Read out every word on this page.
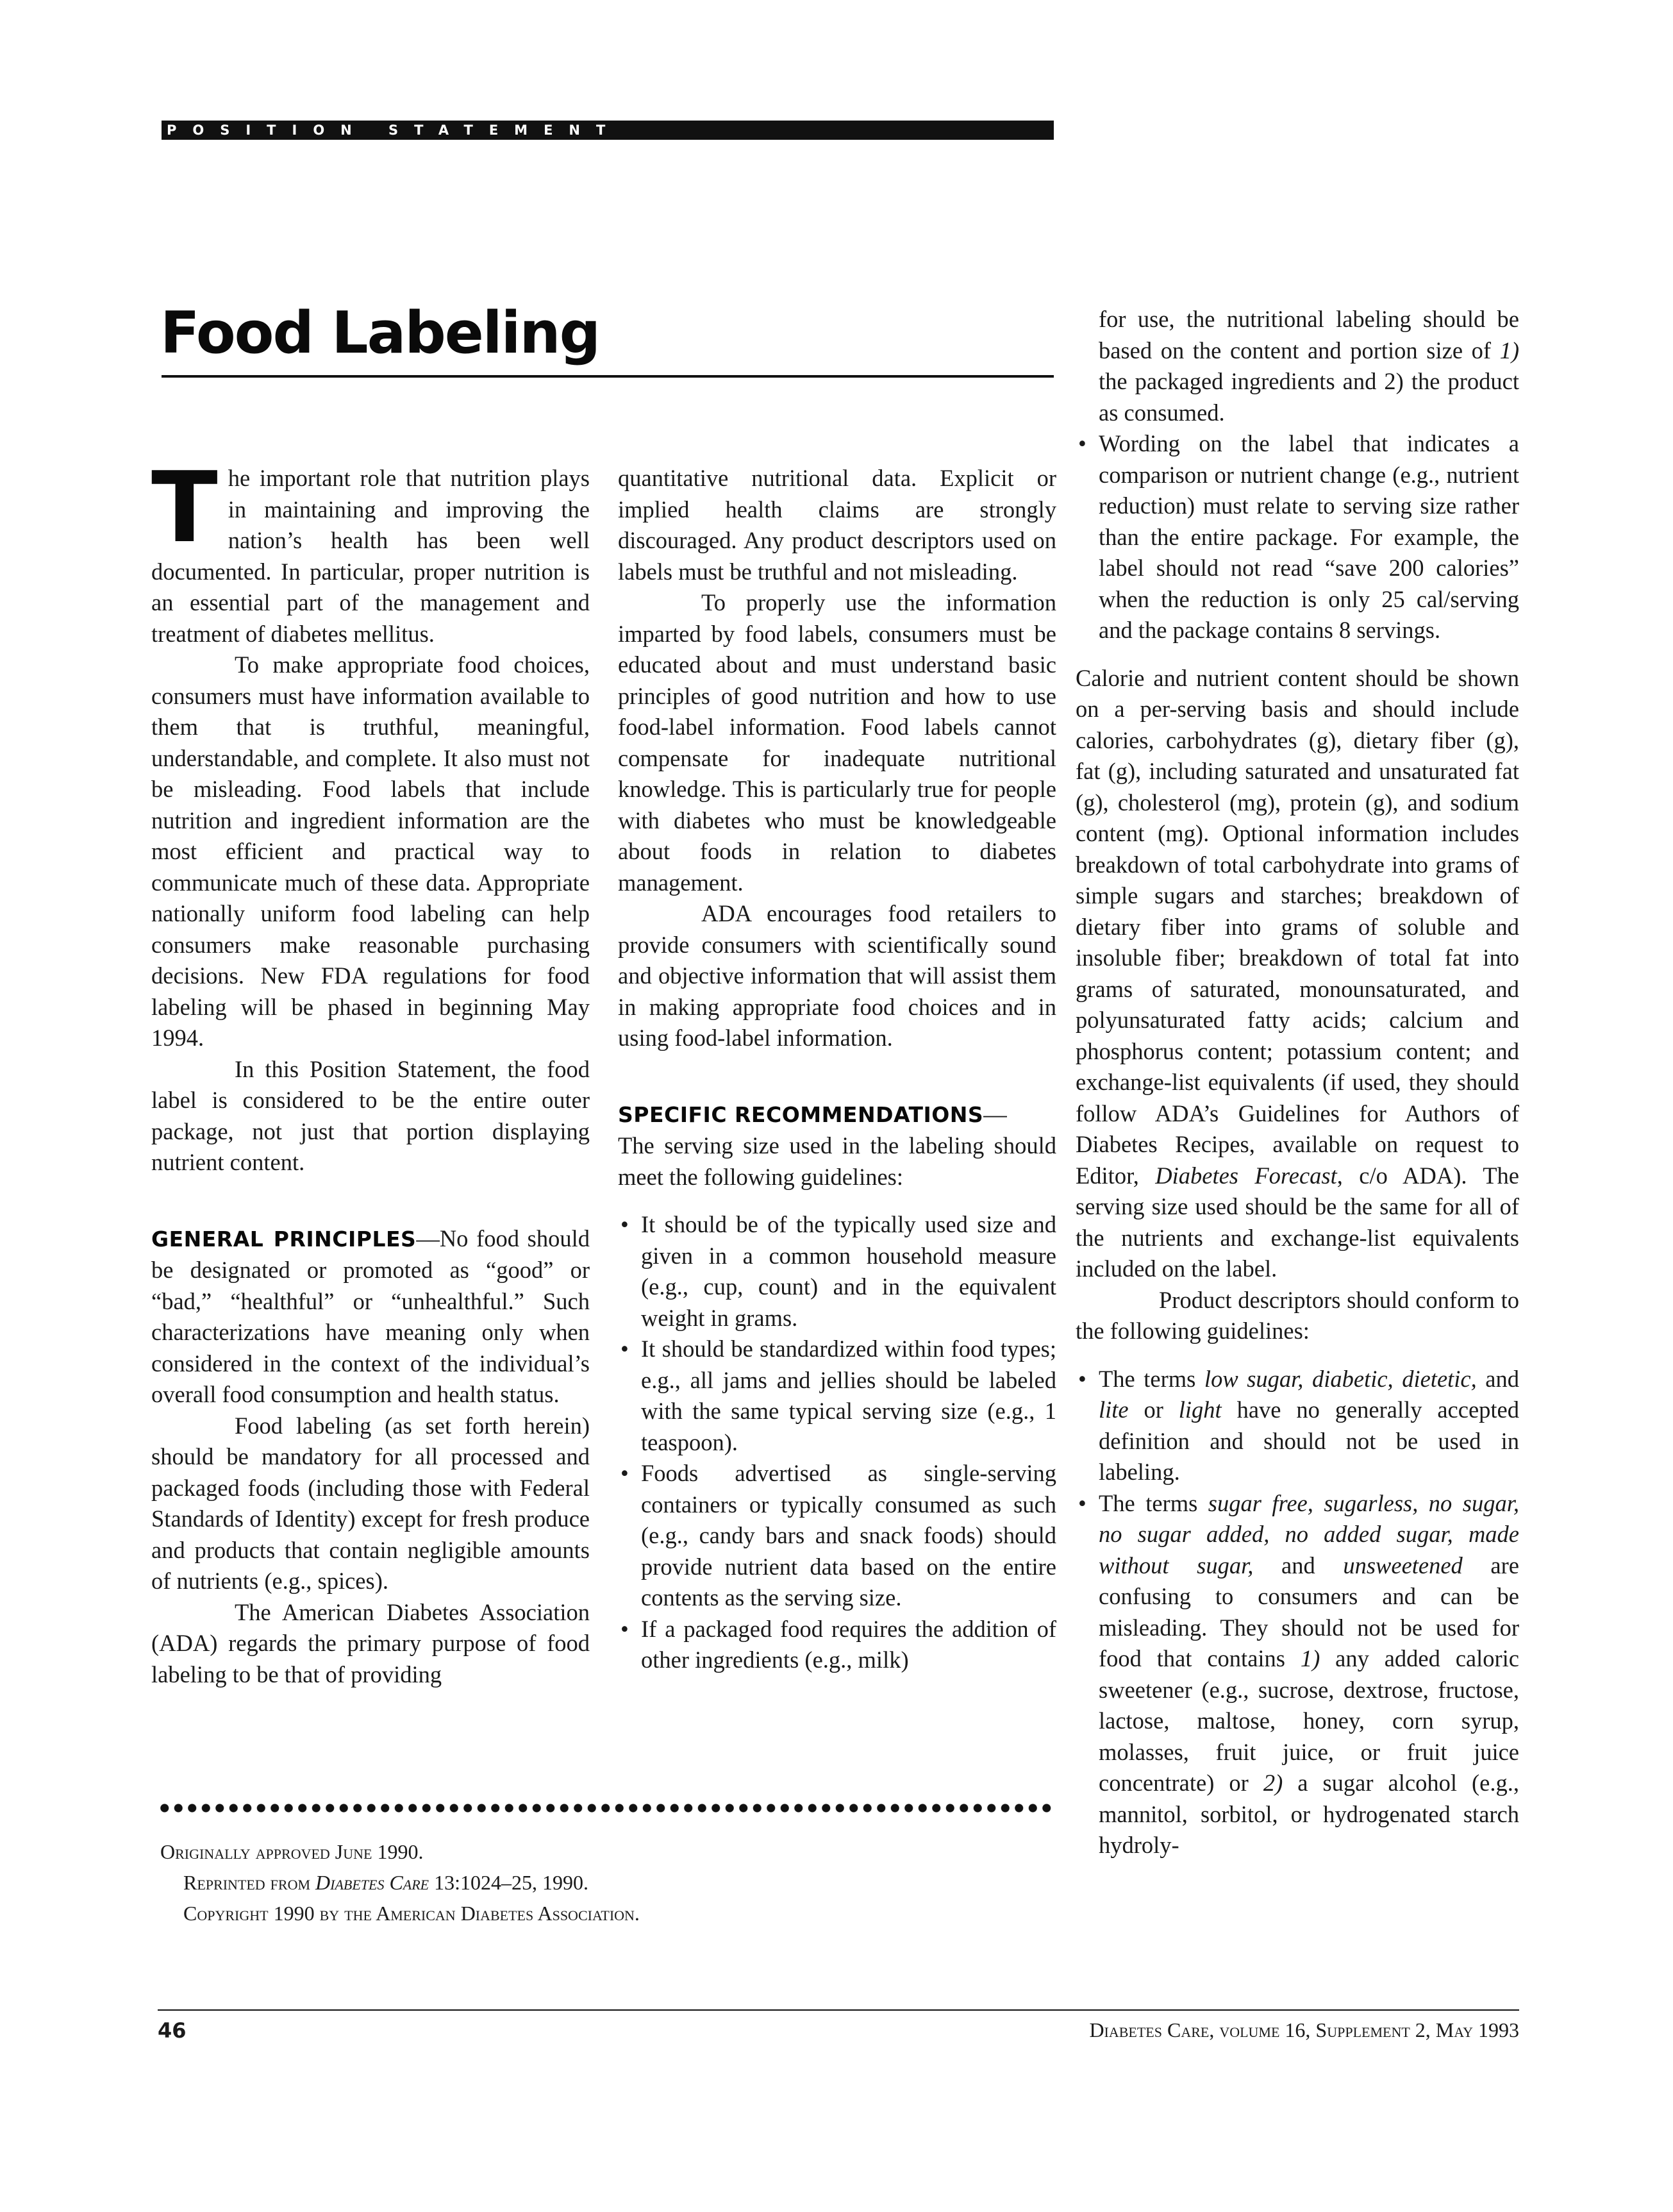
POSITION STATEMENT
Food Labeling

The important role that nutrition plays in maintaining and improving the nation’s health has been well documented. In particular, proper nutrition is an essential part of the management and treatment of diabetes mellitus.

To make appropriate food choices, consumers must have information available to them that is truthful, meaningful, understandable, and complete. It also must not be misleading. Food labels that include nutrition and ingredient information are the most efficient and practical way to communicate much of these data. Appropriate nationally uniform food labeling can help consumers make reasonable purchasing decisions. New FDA regulations for food labeling will be phased in beginning May 1994.

In this Position Statement, the food label is considered to be the entire outer package, not just that portion displaying nutrient content.

GENERAL PRINCIPLES—No food should be designated or promoted as “good” or “bad,” “healthful” or “unhealthful.” Such characterizations have meaning only when considered in the context of the individual’s overall food consumption and health status.

Food labeling (as set forth herein) should be mandatory for all processed and packaged foods (including those with Federal Standards of Identity) except for fresh produce and products that contain negligible amounts of nutrients (e.g., spices).

The American Diabetes Association (ADA) regards the primary purpose of food labeling to be that of providing

quantitative nutritional data. Explicit or implied health claims are strongly discouraged. Any product descriptors used on labels must be truthful and not misleading.

To properly use the information imparted by food labels, consumers must be educated about and must understand basic principles of good nutrition and how to use food-label information. Food labels cannot compensate for inadequate nutritional knowledge. This is particularly true for people with diabetes who must be knowledgeable about foods in relation to diabetes management.

ADA encourages food retailers to provide consumers with scientifically sound and objective information that will assist them in making appropriate food choices and in using food-label information.

SPECIFIC RECOMMENDATIONS—
The serving size used in the labeling should meet the following guidelines:

• It should be of the typically used size and given in a common household measure (e.g., cup, count) and in the equivalent weight in grams.
• It should be standardized within food types; e.g., all jams and jellies should be labeled with the same typical serving size (e.g., 1 teaspoon).
• Foods advertised as single-serving containers or typically consumed as such (e.g., candy bars and snack foods) should provide nutrient data based on the entire contents as the serving size.
• If a packaged food requires the addition of other ingredients (e.g., milk)
for use, the nutritional labeling should be based on the content and portion size of 1) the packaged ingredients and 2) the product as consumed.
• Wording on the label that indicates a comparison or nutrient change (e.g., nutrient reduction) must relate to serving size rather than the entire package. For example, the label should not read “save 200 calories” when the reduction is only 25 cal/serving and the package contains 8 servings.

Calorie and nutrient content should be shown on a per-serving basis and should include calories, carbohydrates (g), dietary fiber (g), fat (g), including saturated and unsaturated fat (g), cholesterol (mg), protein (g), and sodium content (mg). Optional information includes breakdown of total carbohydrate into grams of simple sugars and starches; breakdown of dietary fiber into grams of soluble and insoluble fiber; breakdown of total fat into grams of saturated, monounsaturated, and polyunsaturated fatty acids; calcium and phosphorus content; potassium content; and exchange-list equivalents (if used, they should follow ADA’s Guidelines for Authors of Diabetes Recipes, available on request to Editor, Diabetes Forecast, c/o ADA). The serving size used should be the same for all of the nutrients and exchange-list equivalents included on the label.

Product descriptors should conform to the following guidelines:

• The terms low sugar, diabetic, dietetic, and lite or light have no generally accepted definition and should not be used in labeling.
• The terms sugar free, sugarless, no sugar, no sugar added, no added sugar, made without sugar, and unsweetened are confusing to consumers and can be misleading. They should not be used for food that contains 1) any added caloric sweetener (e.g., sucrose, dextrose, fructose, lactose, maltose, honey, corn syrup, molasses, fruit juice, or fruit juice concentrate) or 2) a sugar alcohol (e.g., mannitol, sorbitol, or hydrogenated starch hydroly-
Originally approved June 1990.
Reprinted from Diabetes Care 13:1024–25, 1990.
Copyright 1990 by the American Diabetes Association.
46	Diabetes Care, volume 16, Supplement 2, May 1993
